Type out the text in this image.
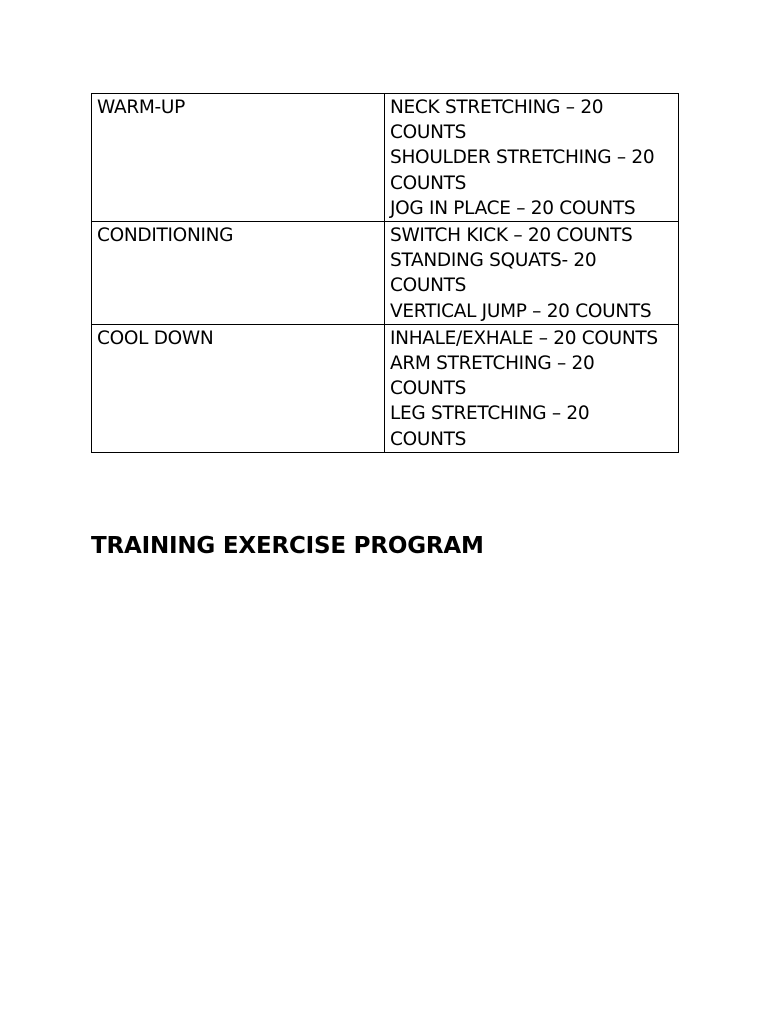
WARM-UP	NECK STRETCHING – 20
COUNTS
SHOULDER STRETCHING – 20
COUNTS
JOG IN PLACE – 20 COUNTS

CONDITIONING	SWITCH KICK – 20 COUNTS
STANDING SQUATS- 20
COUNTS
VERTICAL JUMP – 20 COUNTS

COOL DOWN	INHALE/EXHALE – 20 COUNTS
ARM STRETCHING – 20
COUNTS
LEG STRETCHING – 20
COUNTS
TRAINING EXERCISE PROGRAM
